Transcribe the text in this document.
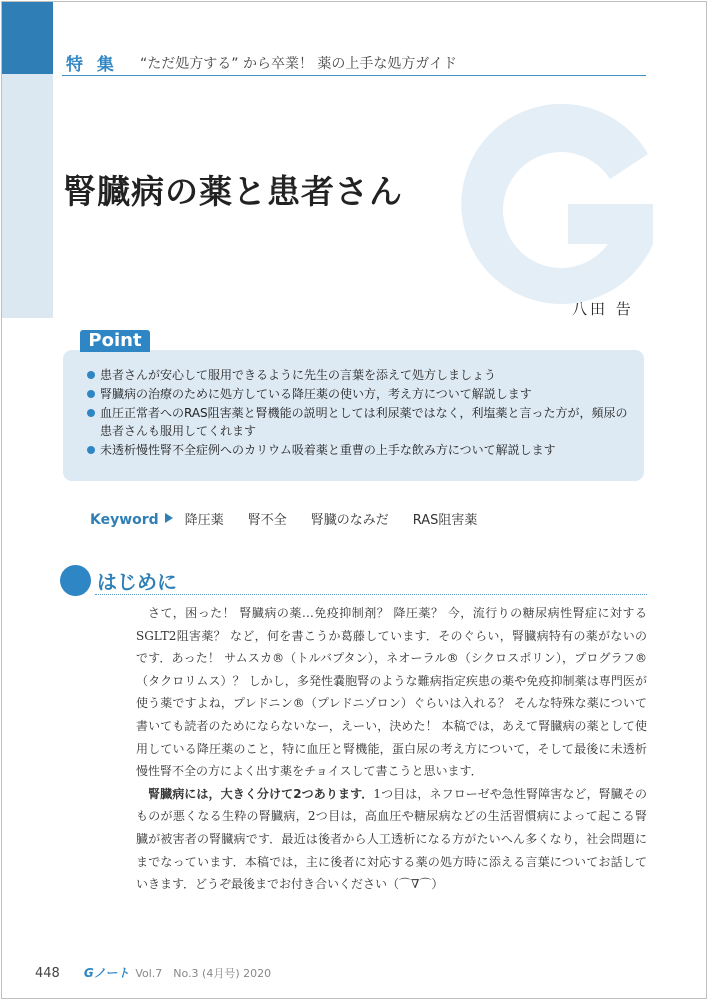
特 集 “ただ処方する” から卒業！ 薬の上手な処方ガイド
腎臓病の薬と患者さん
八田 告
Point
患者さんが安心して服用できるように先生の言葉を添えて処方しましょう
腎臓病の治療のために処方している降圧薬の使い方，考え方について解説します
血圧正常者へのRAS阻害薬と腎機能の説明としては利尿薬ではなく，利塩薬と言った方が，頻尿の患者さんも服用してくれます
未透析慢性腎不全症例へのカリウム吸着薬と重曹の上手な飲み方について解説します
Keyword 降圧薬 腎不全 腎臓のなみだ RAS阻害薬
はじめに

さて，困った！ 腎臓病の薬…免疫抑制剤？ 降圧薬？ 今，流行りの糖尿病性腎症に対するSGLT2阻害薬？ など，何を書こうか葛藤しています．そのぐらい，腎臓病特有の薬がないのです．あった！ サムスカ®（トルバプタン），ネオーラル®（シクロスポリン），プログラフ®（タクロリムス）？ しかし，多発性嚢胞腎のような難病指定疾患の薬や免疫抑制薬は専門医が使う薬ですよね，プレドニン®（プレドニゾロン）ぐらいは入れる？ そんな特殊な薬について書いても読者のためにならないなー，えーい，決めた！ 本稿では，あえて腎臓病の薬として使用している降圧薬のこと，特に血圧と腎機能，蛋白尿の考え方について，そして最後に未透析慢性腎不全の方によく出す薬をチョイスして書こうと思います．

腎臓病には，大きく分けて2つあります．1つ目は，ネフローゼや急性腎障害など，腎臓そのものが悪くなる生粋の腎臓病，2つ目は，高血圧や糖尿病などの生活習慣病によって起こる腎臓が被害者の腎臓病です．最近は後者から人工透析になる方がたいへん多くなり，社会問題にまでなっています．本稿では，主に後者に対応する薬の処方時に添える言葉についてお話していきます．どうぞ最後までお付き合いください（⌒∇⌒）

448 Gノート Vol.7　No.3 (4月号) 2020
